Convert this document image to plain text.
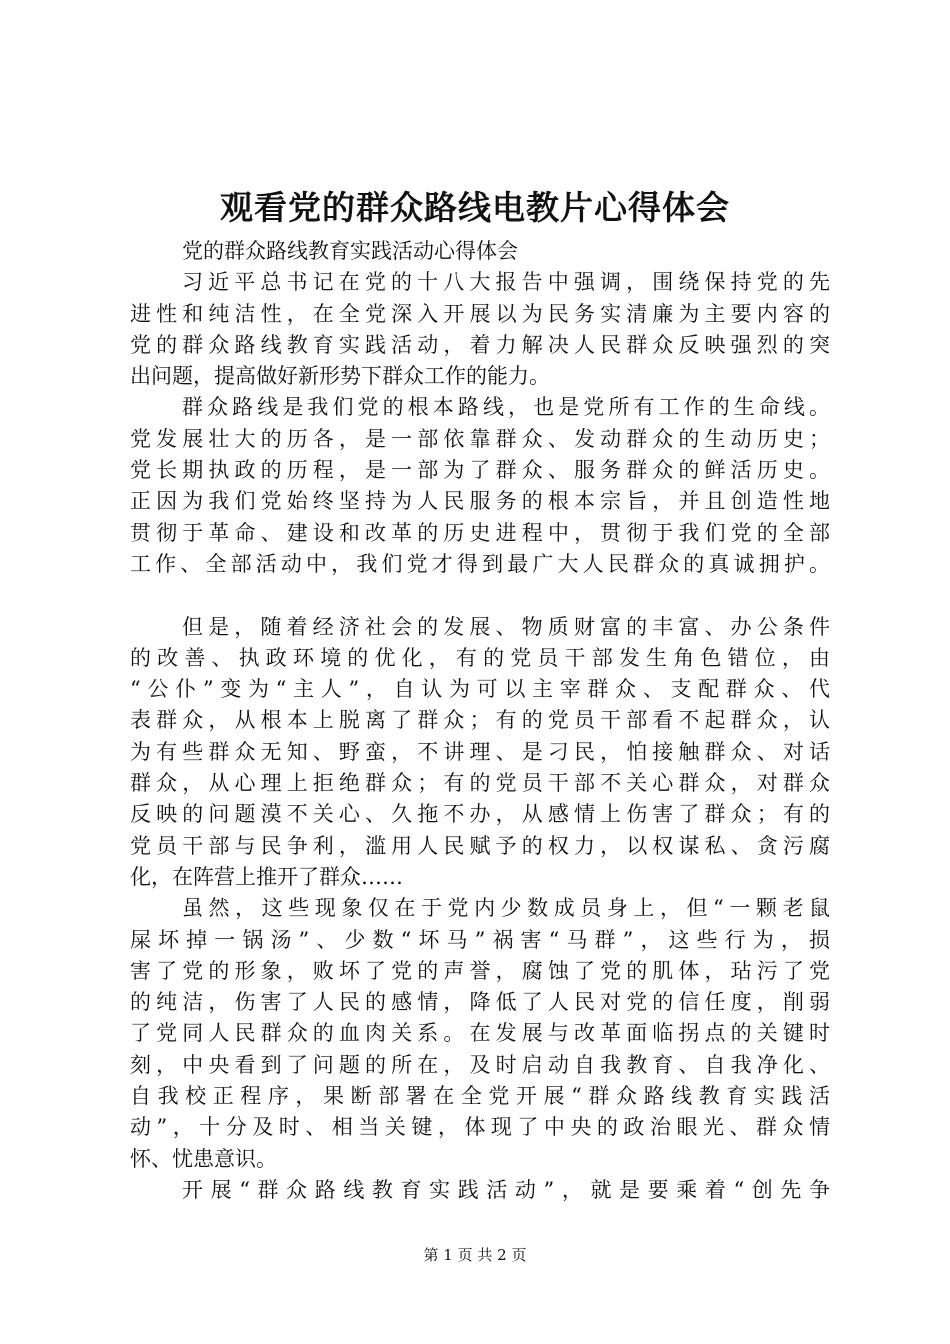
观看党的群众路线电教片心得体会
党的群众路线教育实践活动心得体会
习近平总书记在党的十八大报告中强调，围绕保持党的先
进性和纯洁性，在全党深入开展以为民务实清廉为主要内容的
党的群众路线教育实践活动，着力解决人民群众反映强烈的突
出问题，提高做好新形势下群众工作的能力。
群众路线是我们党的根本路线，也是党所有工作的生命线。
党发展壮大的历各，是一部依靠群众、发动群众的生动历史；
党长期执政的历程，是一部为了群众、服务群众的鲜活历史。
正因为我们党始终坚持为人民服务的根本宗旨，并且创造性地
贯彻于革命、建设和改革的历史进程中，贯彻于我们党的全部
工作、全部活动中，我们党才得到最广大人民群众的真诚拥护。
但是，随着经济社会的发展、物质财富的丰富、办公条件
的改善、执政环境的优化，有的党员干部发生角色错位，由
“公仆”变为“主人”，自认为可以主宰群众、支配群众、代
表群众，从根本上脱离了群众；有的党员干部看不起群众，认
为有些群众无知、野蛮，不讲理、是刁民，怕接触群众、对话
群众，从心理上拒绝群众；有的党员干部不关心群众，对群众
反映的问题漠不关心、久拖不办，从感情上伤害了群众；有的
党员干部与民争利，滥用人民赋予的权力，以权谋私、贪污腐
化，在阵营上推开了群众……
虽然，这些现象仅在于党内少数成员身上，但“一颗老鼠
屎坏掉一锅汤”、少数“坏马”祸害“马群”，这些行为，损
害了党的形象，败坏了党的声誉，腐蚀了党的肌体，玷污了党
的纯洁，伤害了人民的感情，降低了人民对党的信任度，削弱
了党同人民群众的血肉关系。在发展与改革面临拐点的关键时
刻，中央看到了问题的所在，及时启动自我教育、自我净化、
自我校正程序，果断部署在全党开展“群众路线教育实践活
动”，十分及时、相当关键，体现了中央的政治眼光、群众情
怀、忧患意识。
开展“群众路线教育实践活动”，就是要乘着“创先争
第 1 页 共 2 页
